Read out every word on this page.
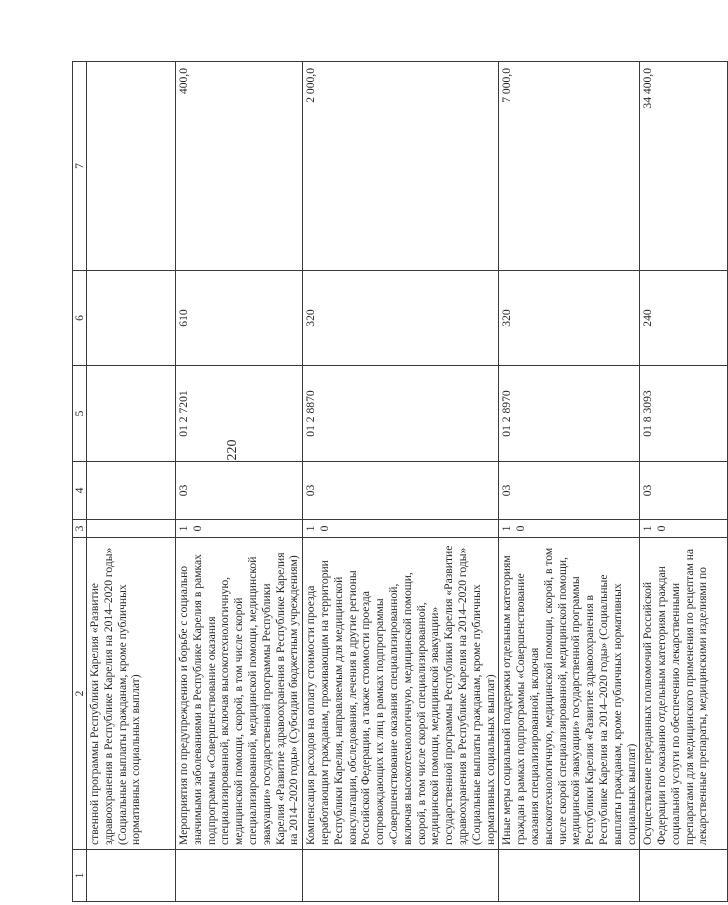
220
1	2	3	4	5	6	7
	ственной программы Республики Карелия «Развитие здравоохранения в Республике Карелия на 2014–2020 годы» (Социальные выплаты гражданам, кроме публичных нормативных социальных выплат)					
	Мероприятия по предупреждению и борьбе с социально значимыми заболеваниями в Республике Карелия в рамках подпрограммы «Совершенствование оказания специализированной, включая высокотехнологичную, медицинской помощи, скорой, в том числе скорой специализированной, медицинской помощи, медицинской эвакуации» государственной программы Республики Карелия «Развитие здравоохранения в Республике Карелия на 2014–2020 годы» (Субсидии бюджетным учреждениям)	10	03	01 2 7201	610	400,0
	Компенсация расходов на оплату стоимости проезда неработающим гражданам, проживающим на территории Республики Карелия, направляемым для медицинской консультации, обследования, лечения в другие регионы Российской Федерации, а также стоимости проезда сопровождающих их лиц в рамках подпрограммы «Совершенствование оказания специализированной, включая высокотехнологичную, медицинской помощи, скорой, в том числе скорой специализированной, медицинской помощи, медицинской эвакуации» государственной программы Республики Карелия «Развитие здравоохранения в Республике Карелия на 2014–2020 годы» (Социальные выплаты гражданам, кроме публичных нормативных социальных выплат)	10	03	01 2 8870	320	2 000,0
	Иные меры социальной поддержки отдельным категориям граждан в рамках подпрограммы «Совершенствование оказания специализированной, включая высокотехнологичную, медицинской помощи, скорой, в том числе скорой специализированной, медицинской помощи, медицинской эвакуации» государственной программы Республики Карелия «Развитие здравоохранения в Республике Карелия на 2014–2020 годы» (Социальные выплаты гражданам, кроме публичных нормативных социальных выплат)	10	03	01 2 8970	320	7 000,0
	Осуществление переданных полномочий Российской Федерации по оказанию отдельным категориям граждан социальной услуги по обеспечению лекарственными препаратами для медицинского применения по рецептам на лекарственные препараты, медицинскими изделиями по	10	03	01 8 3093	240	34 400,0
